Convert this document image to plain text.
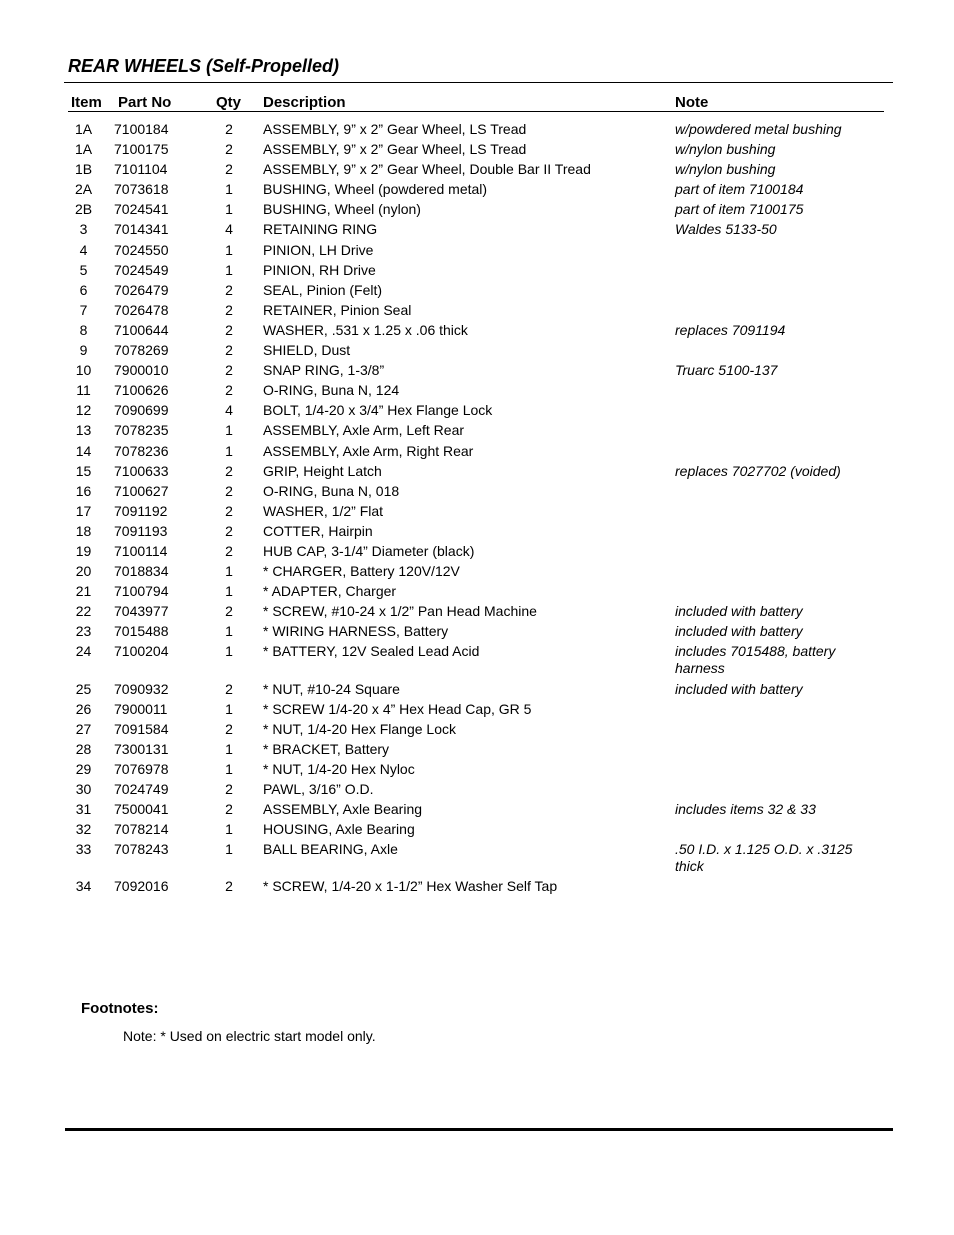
REAR WHEELS (Self-Propelled)
Item Part No	Qty Description	Note
1A	7100184	2 ASSEMBLY, 9” x 2” Gear Wheel, LS Tread	w/powdered metal bushing
1A	7100175	2 ASSEMBLY, 9” x 2” Gear Wheel, LS Tread	w/nylon bushing
1B	7101104	2 ASSEMBLY, 9” x 2” Gear Wheel, Double Bar II Tread	w/nylon bushing
2A	7073618	1 BUSHING, Wheel (powdered metal)	part of item 7100184
2B	7024541	1 BUSHING, Wheel (nylon)	part of item 7100175
3	7014341	4 RETAINING RING	Waldes 5133-50
4	7024550	1 PINION, LH Drive
5	7024549	1 PINION, RH Drive
6	7026479	2 SEAL, Pinion (Felt)
7	7026478	2 RETAINER, Pinion Seal
8	7100644	2 WASHER, .531 x 1.25 x .06 thick	replaces 7091194
9	7078269	2 SHIELD, Dust
10	7900010	2 SNAP RING, 1-3/8”	Truarc 5100-137
11	7100626	2 O-RING, Buna N, 124
12	7090699	4 BOLT, 1/4-20 x 3/4” Hex Flange Lock
13	7078235	1 ASSEMBLY, Axle Arm, Left Rear
14	7078236	1 ASSEMBLY, Axle Arm, Right Rear
15	7100633	2 GRIP, Height Latch	replaces 7027702 (voided)
16	7100627	2 O-RING, Buna N, 018
17	7091192	2 WASHER, 1/2” Flat
18	7091193	2 COTTER, Hairpin
19	7100114	2 HUB CAP, 3-1/4” Diameter (black)
20	7018834	1 * CHARGER, Battery 120V/12V
21	7100794	1 * ADAPTER, Charger
22	7043977	2 * SCREW, #10-24 x 1/2” Pan Head Machine	included with battery
23	7015488	1 * WIRING HARNESS, Battery	included with battery
24	7100204	1 * BATTERY, 12V Sealed Lead Acid	includes 7015488, battery harness
25	7090932	2 * NUT, #10-24 Square	included with battery
26	7900011	1 * SCREW 1/4-20 x 4” Hex Head Cap, GR 5
27	7091584	2 * NUT, 1/4-20 Hex Flange Lock
28	7300131	1 * BRACKET, Battery
29	7076978	1 * NUT, 1/4-20 Hex Nyloc
30	7024749	2 PAWL, 3/16” O.D.
31	7500041	2 ASSEMBLY, Axle Bearing	includes items 32 & 33
32	7078214	1 HOUSING, Axle Bearing
33	7078243	1 BALL BEARING, Axle	.50 I.D. x 1.125 O.D. x .3125 thick
34	7092016	2 * SCREW, 1/4-20 x 1-1/2” Hex Washer Self Tap
Footnotes:
Note: * Used on electric start model only.
